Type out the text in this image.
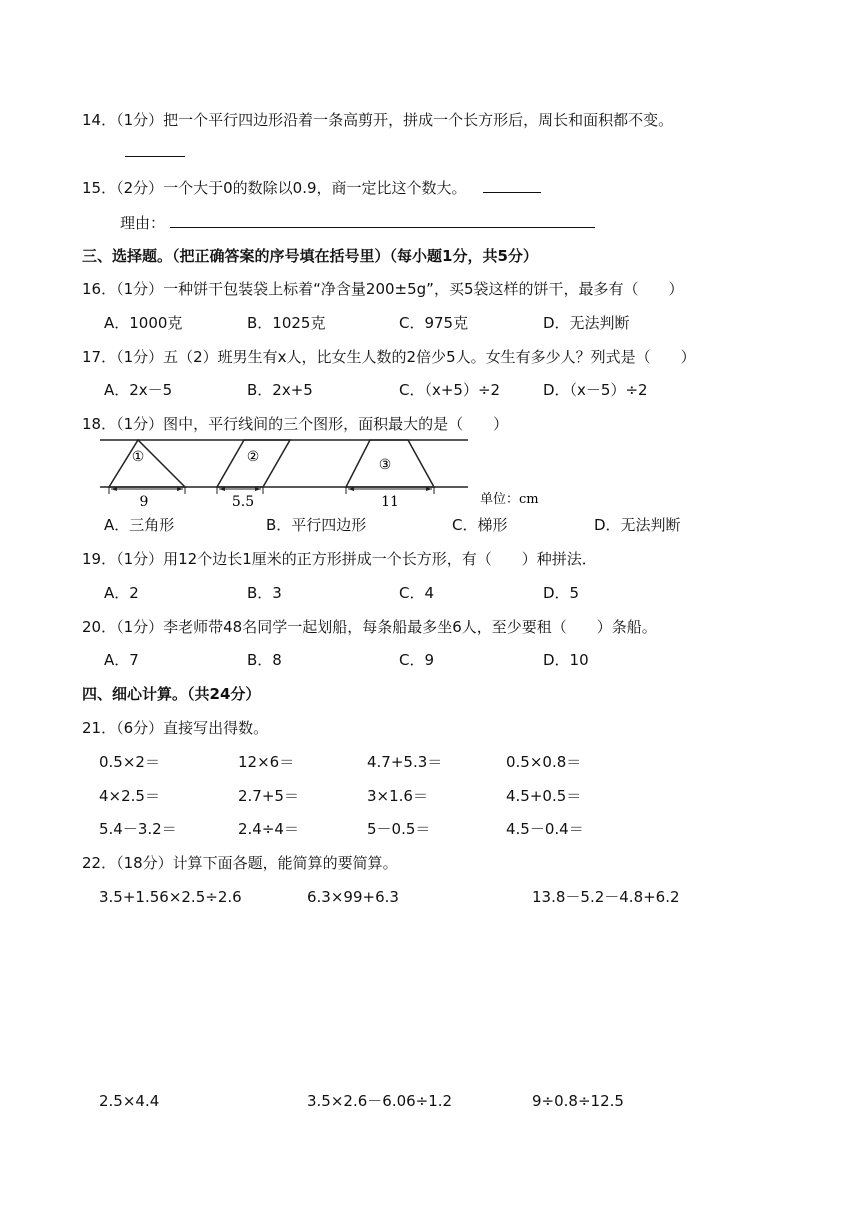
14．（1分）把一个平行四边形沿着一条高剪开，拼成一个长方形后，周长和面积都不变。
15．（2分）一个大于0的数除以0.9，商一定比这个数大。
理由：
三、选择题。（把正确答案的序号填在括号里）（每小题1分，共5分）
16．（1分）一种饼干包装袋上标着“净含量200±5g”，买5袋这样的饼干，最多有（　　）
A．1000克	B．1025克	C．975克	D．无法判断
17．（1分）五（2）班男生有x人，比女生人数的2倍少5人。女生有多少人？列式是（　　）
A．2x－5	B．2x+5	C．（x+5）÷2	D．（x－5）÷2
18．（1分）图中，平行线间的三个图形，面积最大的是（　　）
①
9
②
5.5
③
11	单位：cm
A．三角形	B．平行四边形	C．梯形	D．无法判断
19．（1分）用12个边长1厘米的正方形拼成一个长方形，有（　　）种拼法．
A．2	B．3	C．4	D．5
20．（1分）李老师带48名同学一起划船，每条船最多坐6人，至少要租（　　）条船。
A．7	B．8	C．9	D．10
四、细心计算。（共24分）
21．（6分）直接写出得数。
0.5×2＝	12×6＝	4.7+5.3＝	0.5×0.8＝
4×2.5＝	2.7+5＝	3×1.6＝	4.5+0.5＝
5.4－3.2＝	2.4÷4＝	5－0.5＝	4.5－0.4＝
22．（18分）计算下面各题，能简算的要简算。
3.5+1.56×2.5÷2.6	6.3×99+6.3	13.8－5.2－4.8+6.2
2.5×4.4	3.5×2.6－6.06÷1.2	9÷0.8÷12.5
